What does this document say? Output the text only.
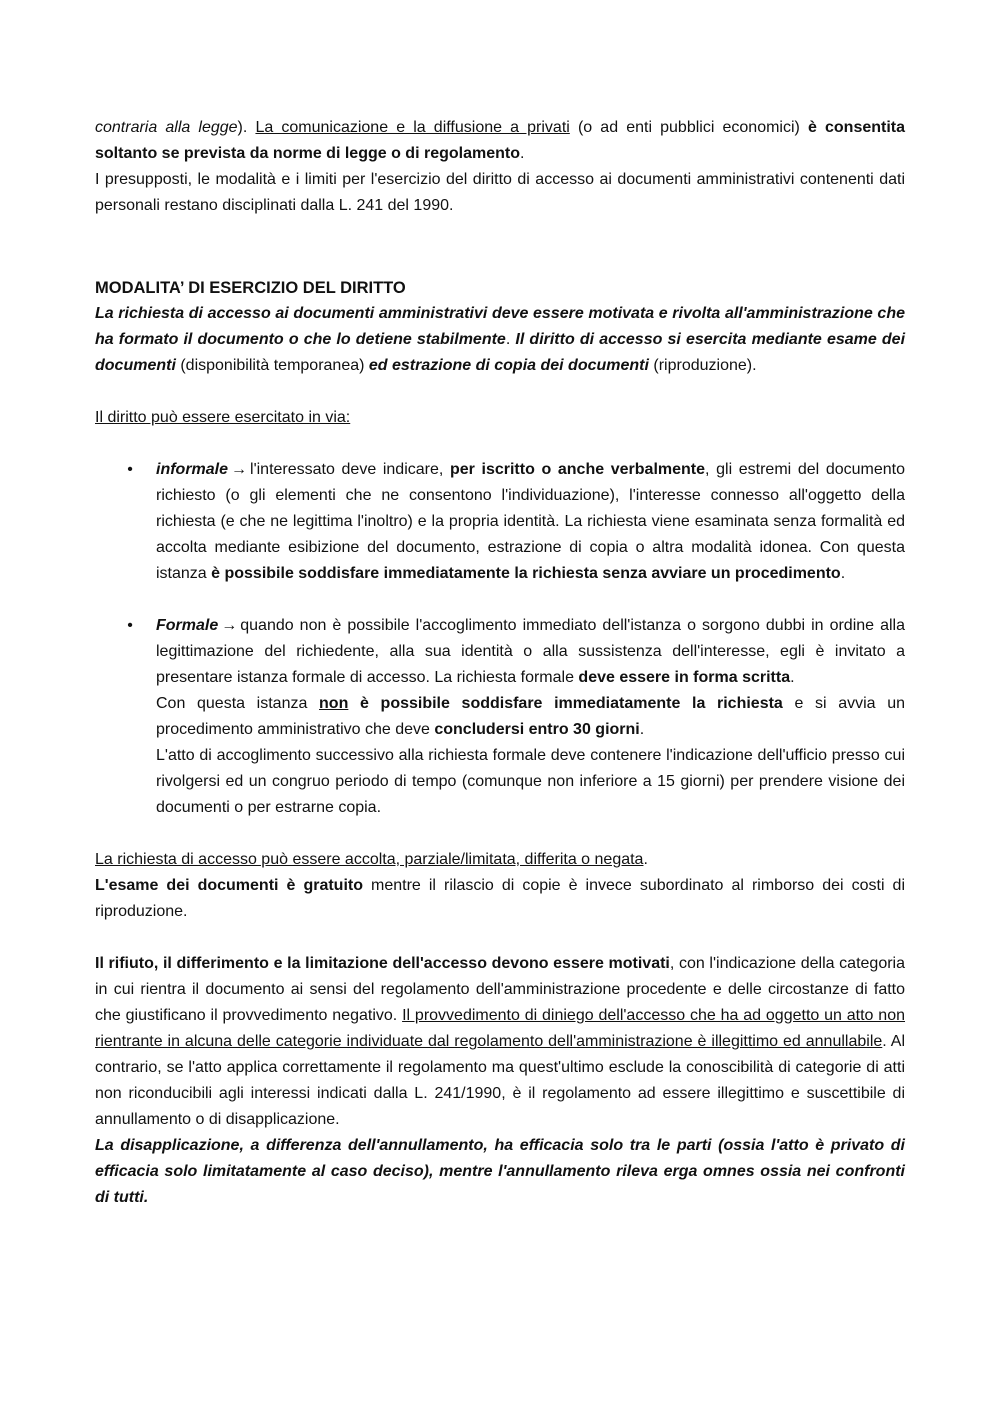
contraria alla legge). La comunicazione e la diffusione a privati (o ad enti pubblici economici) è consentita soltanto se prevista da norme di legge o di regolamento.

I presupposti, le modalità e i limiti per l'esercizio del diritto di accesso ai documenti amministrativi contenenti dati personali restano disciplinati dalla L. 241 del 1990.

MODALITA’ DI ESERCIZIO DEL DIRITTO

La richiesta di accesso ai documenti amministrativi deve essere motivata e rivolta all'amministrazione che ha formato il documento o che lo detiene stabilmente. Il diritto di accesso si esercita mediante esame dei documenti (disponibilità temporanea) ed estrazione di copia dei documenti (riproduzione).

Il diritto può essere esercitato in via:

• informale → l'interessato deve indicare, per iscritto o anche verbalmente, gli estremi del documento richiesto (o gli elementi che ne consentono l'individuazione), l'interesse connesso all'oggetto della richiesta (e che ne legittima l'inoltro) e la propria identità. La richiesta viene esaminata senza formalità ed accolta mediante esibizione del documento, estrazione di copia o altra modalità idonea. Con questa istanza è possibile soddisfare immediatamente la richiesta senza avviare un procedimento.
• Formale → quando non è possibile l'accoglimento immediato dell'istanza o sorgono dubbi in ordine alla legittimazione del richiedente, alla sua identità o alla sussistenza dell'interesse, egli è invitato a presentare istanza formale di accesso. La richiesta formale deve essere in forma scritta.
Con questa istanza non è possibile soddisfare immediatamente la richiesta e si avvia un procedimento amministrativo che deve concludersi entro 30 giorni.
L'atto di accoglimento successivo alla richiesta formale deve contenere l'indicazione dell'ufficio presso cui rivolgersi ed un congruo periodo di tempo (comunque non inferiore a 15 giorni) per prendere visione dei documenti o per estrarne copia.

La richiesta di accesso può essere accolta, parziale/limitata, differita o negata.

L'esame dei documenti è gratuito mentre il rilascio di copie è invece subordinato al rimborso dei costi di riproduzione.

Il rifiuto, il differimento e la limitazione dell'accesso devono essere motivati, con l'indicazione della categoria in cui rientra il documento ai sensi del regolamento dell'amministrazione procedente e delle circostanze di fatto che giustificano il provvedimento negativo. Il provvedimento di diniego dell'accesso che ha ad oggetto un atto non rientrante in alcuna delle categorie individuate dal regolamento dell'amministrazione è illegittimo ed annullabile. Al contrario, se l'atto applica correttamente il regolamento ma quest'ultimo esclude la conoscibilità di categorie di atti non riconducibili agli interessi indicati dalla L. 241/1990, è il regolamento ad essere illegittimo e suscettibile di annullamento o di disapplicazione.

La disapplicazione, a differenza dell'annullamento, ha efficacia solo tra le parti (ossia l'atto è privato di efficacia solo limitatamente al caso deciso), mentre l'annullamento rileva erga omnes ossia nei confronti di tutti.
